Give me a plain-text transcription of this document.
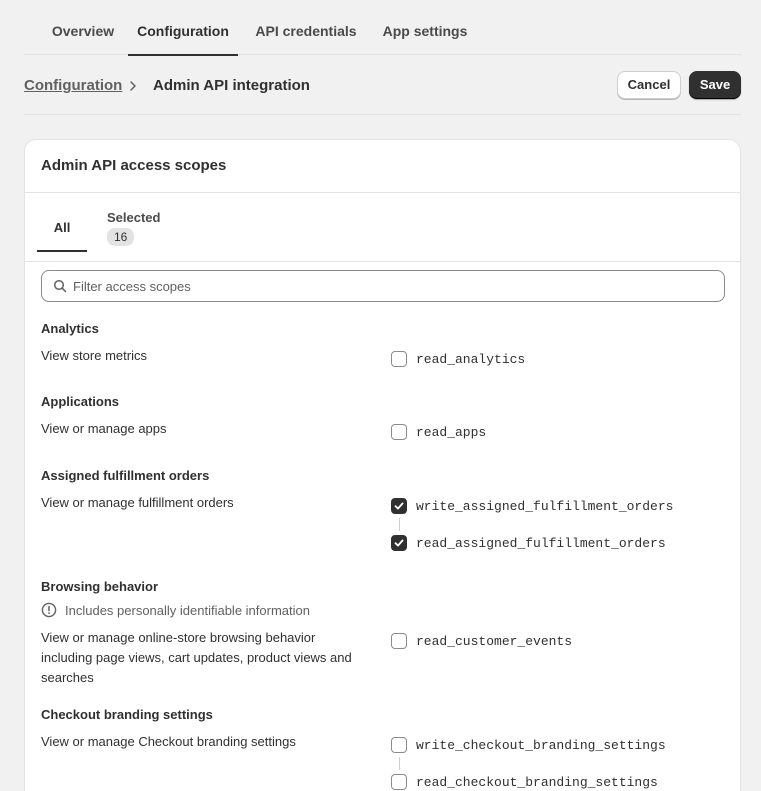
Overview	Configuration	API credentials	App settings
Configuration Admin API integration	Cancel	Save
Admin API access scopes
All
Selected
16
Filter access scopes
Analytics
View store metrics	read_analytics
Applications
View or manage apps	read_apps
Assigned fulfillment orders
View or manage fulfillment orders	write_assigned_fulfillment_orders
read_assigned_fulfillment_orders
Browsing behavior
Includes personally identifiable information
View or manage online-store browsing behavior including page views, cart updates, product views and searches
read_customer_events
Checkout branding settings
View or manage Checkout branding settings	write_checkout_branding_settings
read_checkout_branding_settings
